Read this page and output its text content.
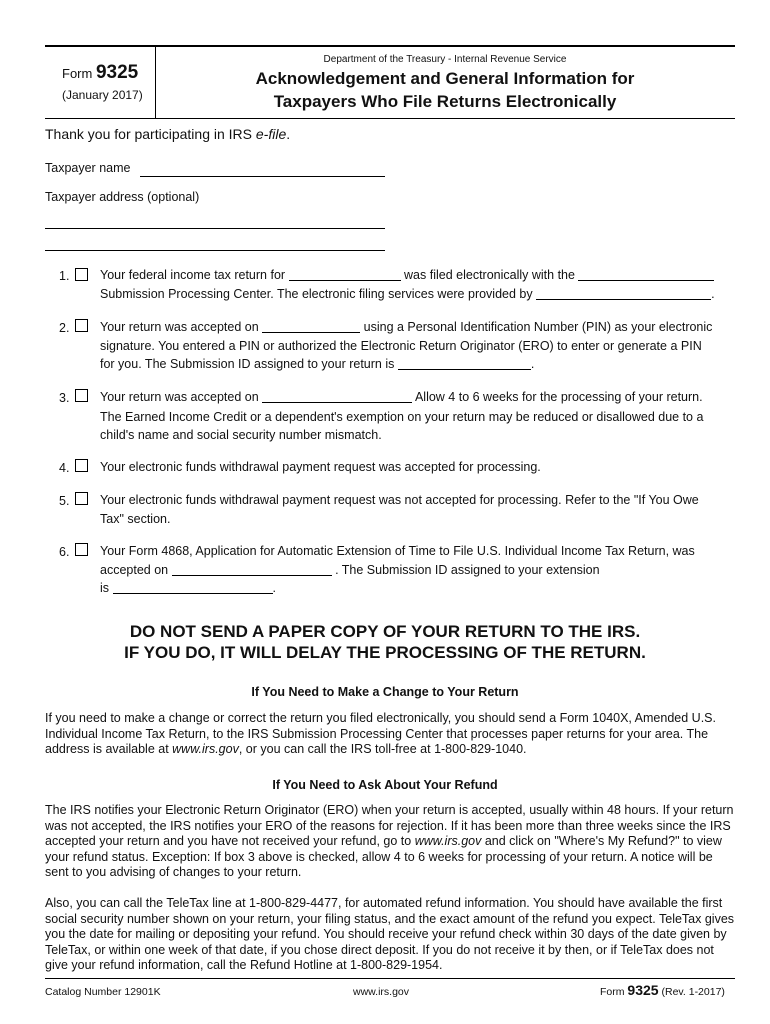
Form 9325
(January 2017)
Department of the Treasury - Internal Revenue Service
Acknowledgement and General Information for
Taxpayers Who File Returns Electronically
Thank you for participating in IRS e-file.
Taxpayer name
Taxpayer address (optional)
1. Your federal income tax return for	was filed electronically with the
Submission Processing Center. The electronic filing services were provided by	.
2. Your return was accepted on	using a Personal Identification Number (PIN) as your electronic
signature. You entered a PIN or authorized the Electronic Return Originator (ERO) to enter or generate a PIN
for you. The Submission ID assigned to your return is	.
3. Your return was accepted on	Allow 4 to 6 weeks for the processing of your return.
The Earned Income Credit or a dependent's exemption on your return may be reduced or disallowed due to a
child's name and social security number mismatch.
4. Your electronic funds withdrawal payment request was accepted for processing.
5. Your electronic funds withdrawal payment request was not accepted for processing. Refer to the "If You Owe
Tax" section.
6. Your Form 4868, Application for Automatic Extension of Time to File U.S. Individual Income Tax Return, was
accepted on	. The Submission ID assigned to your extension
is	.
DO NOT SEND A PAPER COPY OF YOUR RETURN TO THE IRS.
IF YOU DO, IT WILL DELAY THE PROCESSING OF THE RETURN.
If You Need to Make a Change to Your Return
If you need to make a change or correct the return you filed electronically, you should send a Form 1040X, Amended U.S. Individual Income Tax Return, to the IRS Submission Processing Center that processes paper returns for your area. The address is available at www.irs.gov, or you can call the IRS toll-free at 1-800-829-1040.
If You Need to Ask About Your Refund
The IRS notifies your Electronic Return Originator (ERO) when your return is accepted, usually within 48 hours. If your return was not accepted, the IRS notifies your ERO of the reasons for rejection. If it has been more than three weeks since the IRS accepted your return and you have not received your refund, go to www.irs.gov and click on "Where's My Refund?" to view your refund status. Exception: If box 3 above is checked, allow 4 to 6 weeks for processing of your return. A notice will be sent to you advising of changes to your return.
Also, you can call the TeleTax line at 1-800-829-4477, for automated refund information. You should have available the first social security number shown on your return, your filing status, and the exact amount of the refund you expect. TeleTax gives you the date for mailing or depositing your refund. You should receive your refund check within 30 days of the date given by TeleTax, or within one week of that date, if you chose direct deposit. If you do not receive it by then, or if TeleTax does not give your refund information, call the Refund Hotline at 1-800-829-1954.
Catalog Number 12901K	www.irs.gov	Form 9325 (Rev. 1-2017)
